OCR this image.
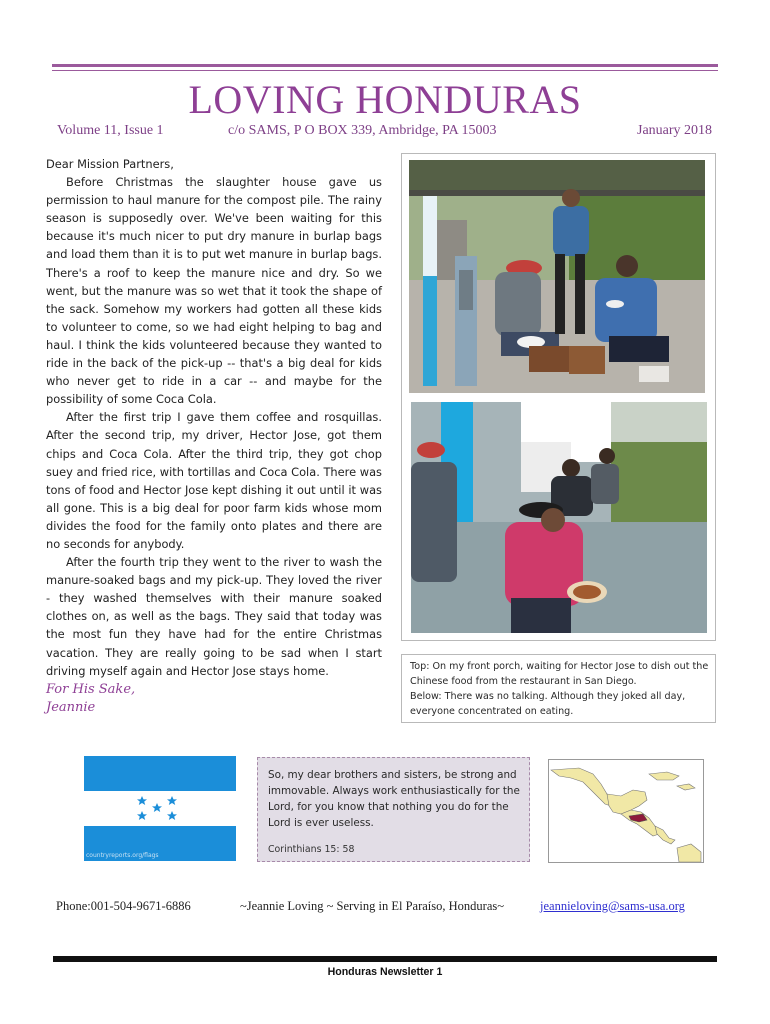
LOVING HONDURAS
Volume 11, Issue 1	c/o SAMS, P O BOX 339, Ambridge, PA 15003	January 2018

Dear Mission Partners,

Before Christmas the slaughter house gave us permission to haul manure for the compost pile. The rainy season is supposedly over. We've been waiting for this because it's much nicer to put dry manure in burlap bags and load them than it is to put wet manure in burlap bags. There's a roof to keep the manure nice and dry. So we went, but the manure was so wet that it took the shape of the sack. Somehow my workers had gotten all these kids to volunteer to come, so we had eight helping to bag and haul. I think the kids volunteered because they wanted to ride in the back of the pick-up -- that's a big deal for kids who never get to ride in a car -- and maybe for the possibility of some Coca Cola.

After the first trip I gave them coffee and rosquillas. After the second trip, my driver, Hector Jose, got them chips and Coca Cola. After the third trip, they got chop suey and fried rice, with tortillas and Coca Cola. There was tons of food and Hector Jose kept dishing it out until it was all gone. This is a big deal for poor farm kids whose mom divides the food for the family onto plates and there are no seconds for anybody.

After the fourth trip they went to the river to wash the manure-soaked bags and my pick-up. They loved the river - they washed themselves with their manure soaked clothes on, as well as the bags. They said that today was the most fun they have had for the entire Christmas vacation. They are really going to be sad when I start driving myself again and Hector Jose stays home.

For His Sake,
Jeannie
Top: On my front porch, waiting for Hector Jose to dish out the Chinese food from the restaurant in San Diego.
Below: There was no talking. Although they joked all day, everyone concentrated on eating.
countryreports.org/flags
So, my dear brothers and sisters, be strong and immovable. Always work enthusiastically for the Lord, for you know that nothing you do for the Lord is ever useless.
Corinthians 15: 58
Phone:001-504-9671-6886	~Jeannie Loving ~ Serving in El Paraíso, Honduras~	jeannieloving@sams-usa.org
Honduras Newsletter 1
